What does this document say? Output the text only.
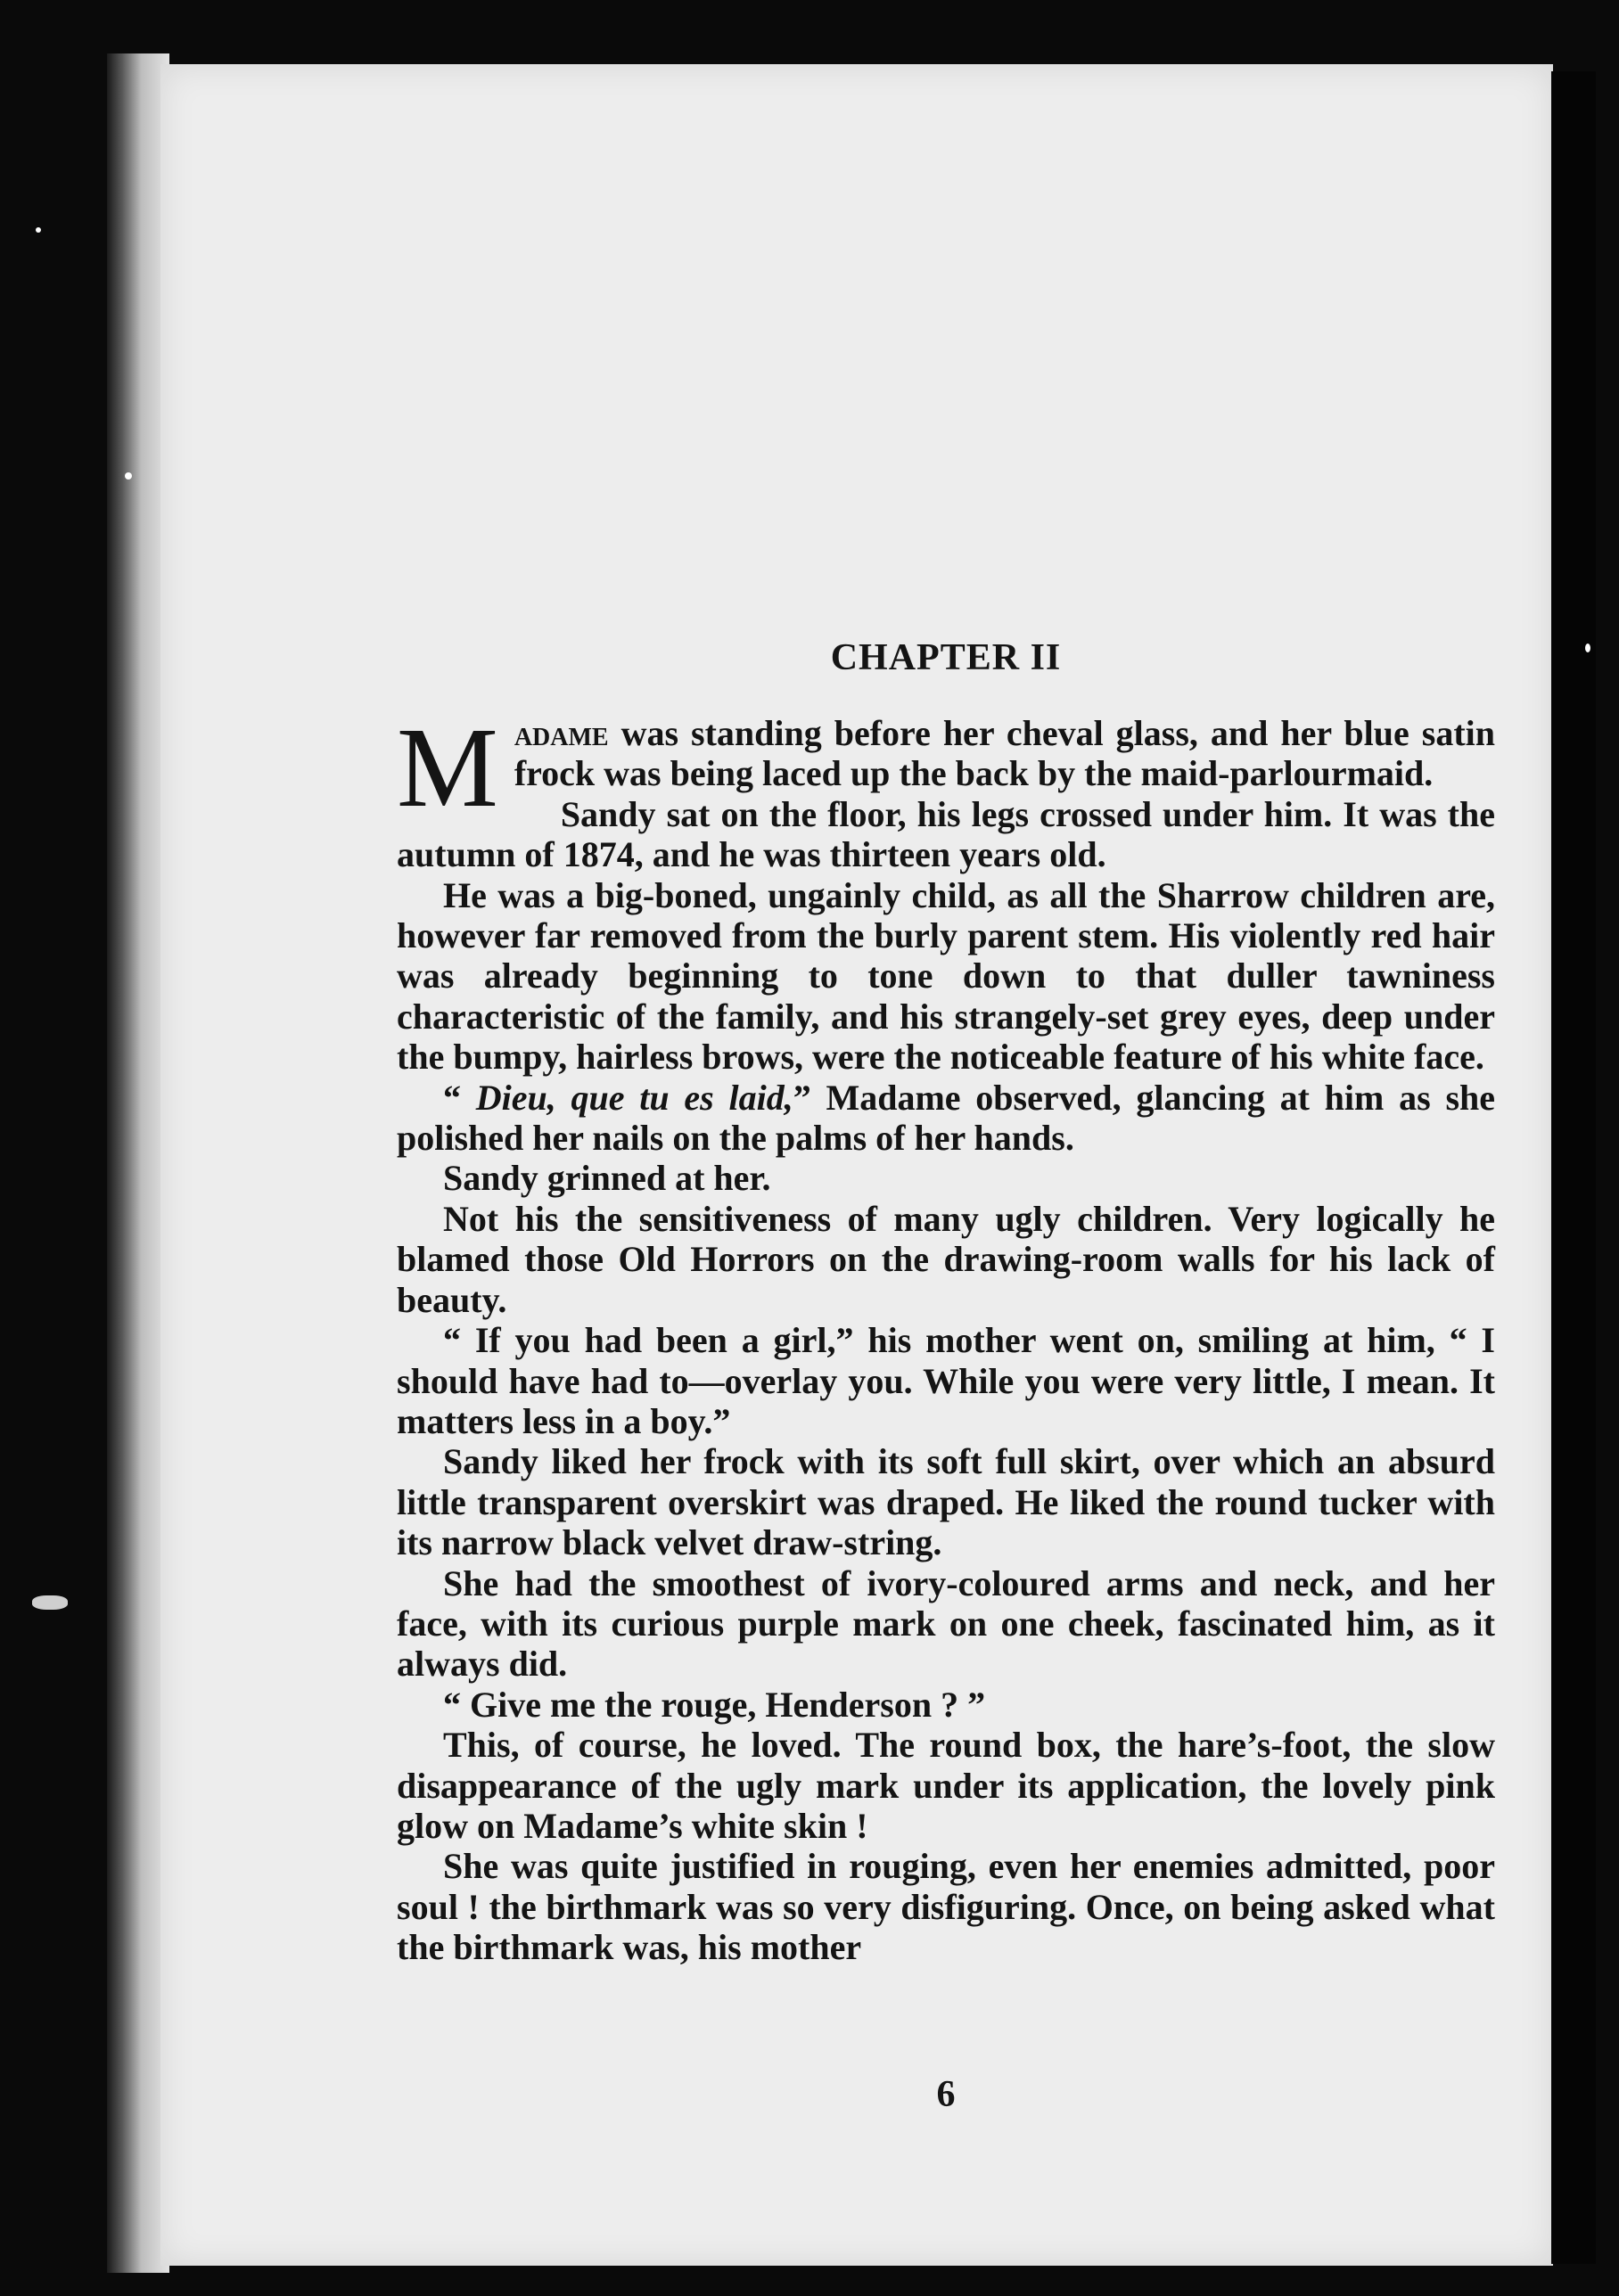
CHAPTER II

Madame was standing before her cheval glass, and her blue satin frock was being laced up the back by the maid-parlourmaid.

Sandy sat on the floor, his legs crossed under him. It was the autumn of 1874, and he was thirteen years old.

He was a big-boned, ungainly child, as all the Sharrow children are, however far removed from the burly parent stem. His violently red hair was already beginning to tone down to that duller tawniness characteristic of the family, and his strangely-set grey eyes, deep under the bumpy, hairless brows, were the noticeable feature of his white face.

“ Dieu, que tu es laid,” Madame observed, glancing at him as she polished her nails on the palms of her hands.

Sandy grinned at her.

Not his the sensitiveness of many ugly children. Very logically he blamed those Old Horrors on the drawing-room walls for his lack of beauty.

“ If you had been a girl,” his mother went on, smiling at him, “ I should have had to—overlay you. While you were very little, I mean. It matters less in a boy.”

Sandy liked her frock with its soft full skirt, over which an absurd little transparent overskirt was draped. He liked the round tucker with its narrow black velvet draw-string.

She had the smoothest of ivory-coloured arms and neck, and her face, with its curious purple mark on one cheek, fascinated him, as it always did.

“ Give me the rouge, Henderson ? ”

This, of course, he loved. The round box, the hare’s-foot, the slow disappearance of the ugly mark under its application, the lovely pink glow on Madame’s white skin !

She was quite justified in rouging, even her enemies admitted, poor soul ! the birthmark was so very disfiguring. Once, on being asked what the birthmark was, his mother

6
